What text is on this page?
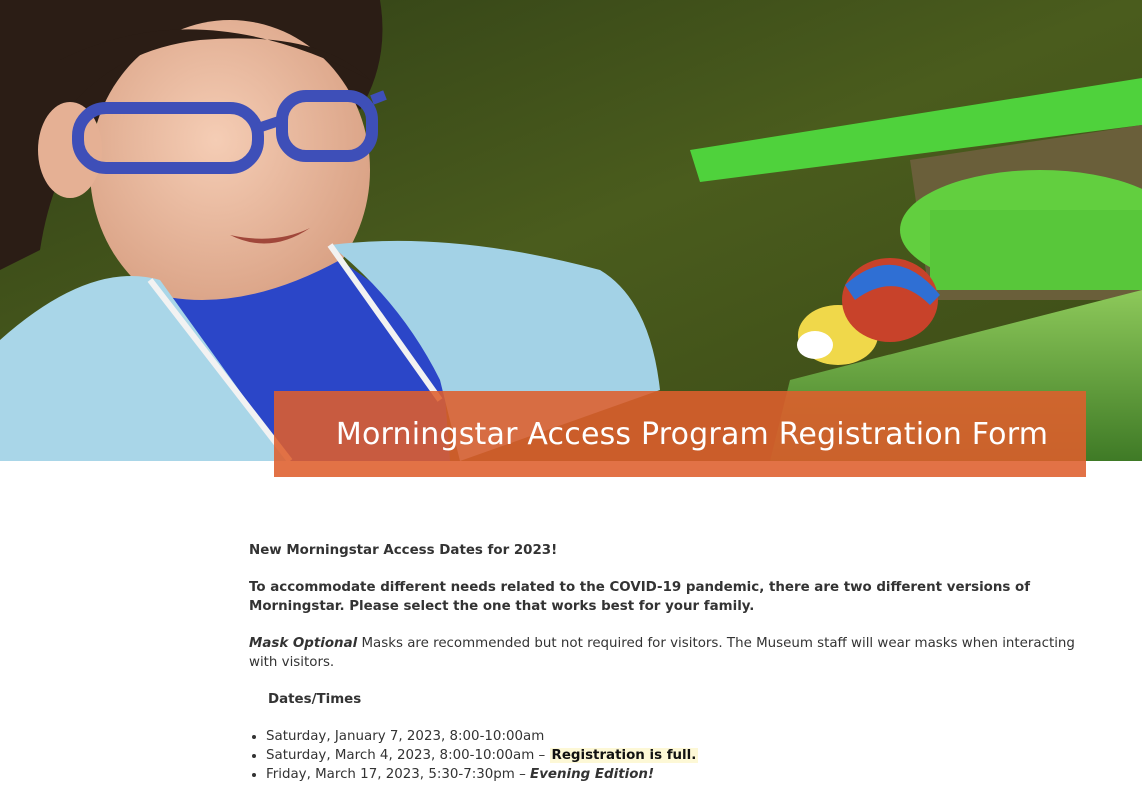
Morningstar Access Program Registration Form

New Morningstar Access Dates for 2023!

To accommodate different needs related to the COVID-19 pandemic, there are two different versions of Morningstar. Please select the one that works best for your family.

Mask Optional Masks are recommended but not required for visitors. The Museum staff will wear masks when interacting with visitors.

Dates/Times
• Saturday, January 7, 2023, 8:00-10:00am
• Saturday, March 4, 2023, 8:00-10:00am – Registration is full.
• Friday, March 17, 2023, 5:30-7:30pm – Evening Edition!
